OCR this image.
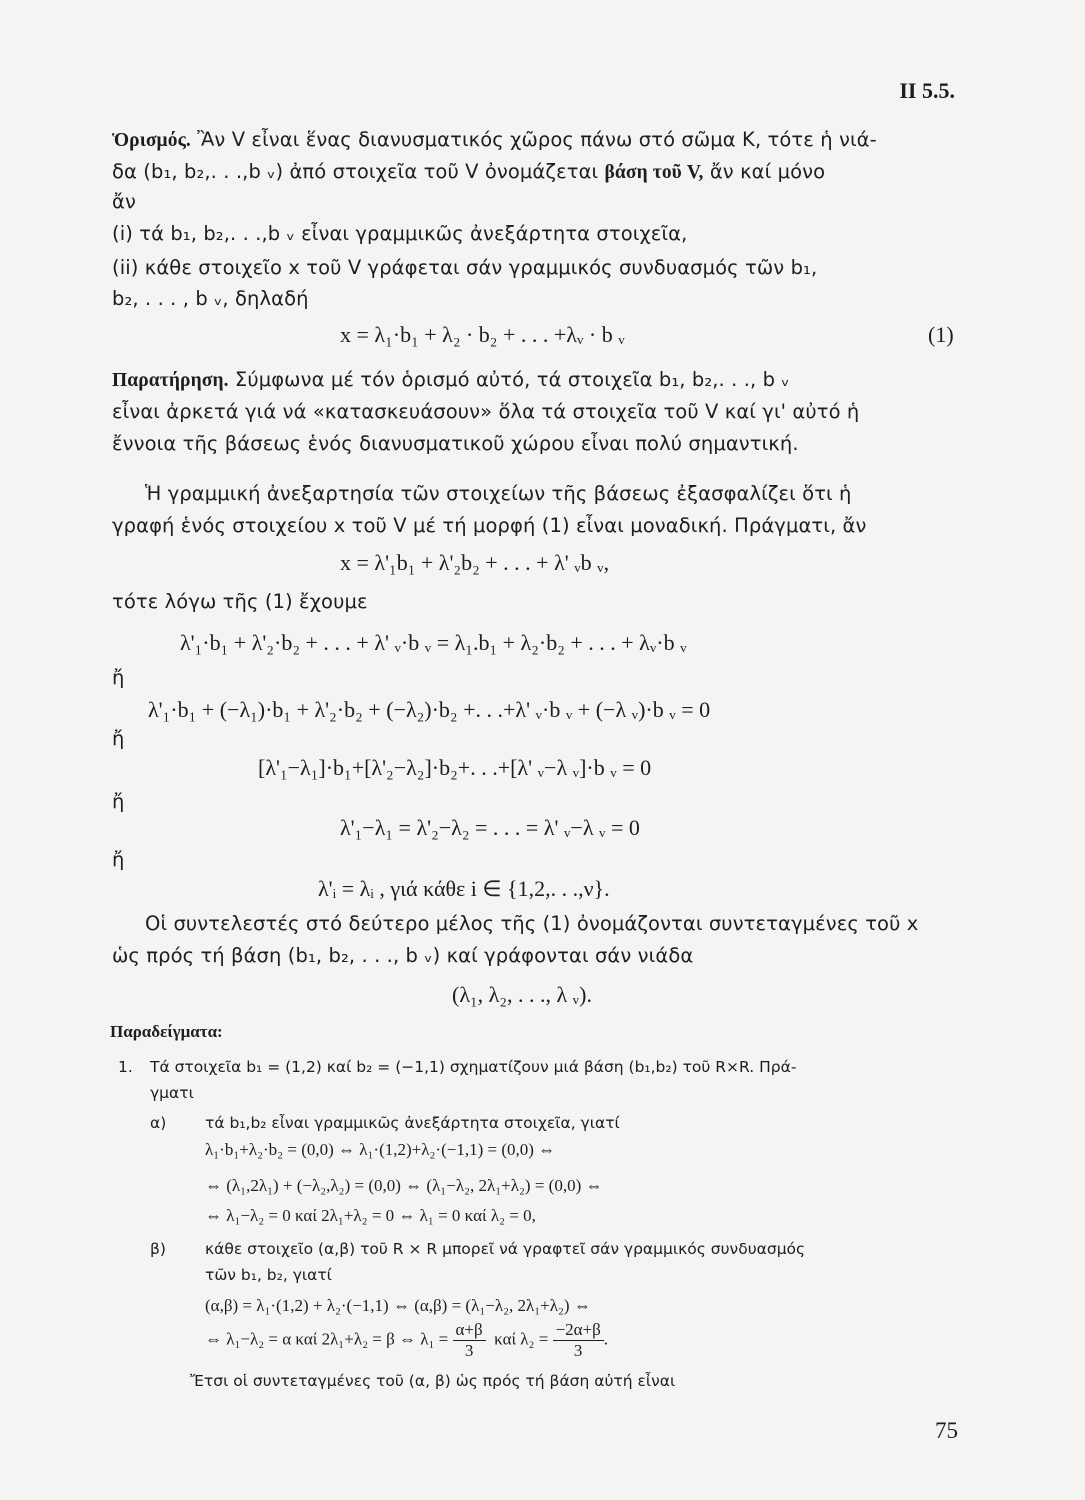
II 5.5.
Ὁρισμός. Ἂν V εἶναι ἕνας διανυσματικός χῶρος πάνω στό σῶμα K, τότε ἡ νιά-
δα (b₁, b₂,. . .,b ᵥ) ἀπό στοιχεῖα τοῦ V ὀνομάζεται βάση τοῦ V, ἄν καί μόνο
ἄν
(i) τά b₁, b₂,. . .,b ᵥ εἶναι γραμμικῶς ἀνεξάρτητα στοιχεῖα,
(ii) κάθε στοιχεῖο x τοῦ V γράφεται σάν γραμμικός συνδυασμός τῶν b₁,
b₂, . . . , b ᵥ, δηλαδή
x = λ₁·b₁ + λ₂ · b₂ + . . . +λᵥ · b ᵥ	(1)
Παρατήρηση. Σύμφωνα μέ τόν ὁρισμό αὐτό, τά στοιχεῖα b₁, b₂,. . ., b ᵥ
εἶναι ἀρκετά γιά νά «κατασκευάσουν» ὅλα τά στοιχεῖα τοῦ V καί γι' αὐτό ἡ
ἔννοια τῆς βάσεως ἑνός διανυσματικοῦ χώρου εἶναι πολύ σημαντική.
Ἡ γραμμική ἀνεξαρτησία τῶν στοιχείων τῆς βάσεως ἐξασφαλίζει ὅτι ἡ
γραφή ἑνός στοιχείου x τοῦ V μέ τή μορφή (1) εἶναι μοναδική. Πράγματι, ἄν
x = λ'₁b₁ + λ'₂b₂ + . . . + λ' ᵥb ᵥ,
τότε λόγω τῆς (1) ἔχουμε
λ'₁·b₁ + λ'₂·b₂ + . . . + λ' ᵥ·b ᵥ = λ₁.b₁ + λ₂·b₂ + . . . + λᵥ·b ᵥ
ἤ
λ'₁·b₁ + (−λ₁)·b₁ + λ'₂·b₂ + (−λ₂)·b₂ +. . .+λ' ᵥ·b ᵥ + (−λ ᵥ)·b ᵥ = 0
ἤ
[λ'₁−λ₁]·b₁+[λ'₂−λ₂]·b₂+. . .+[λ' ᵥ−λ ᵥ]·b ᵥ = 0
ἤ
λ'₁−λ₁ = λ'₂−λ₂ = . . . = λ' ᵥ−λ ᵥ = 0
ἤ
λ'ᵢ = λᵢ , γιά κάθε i ∈ {1,2,. . .,ν}.
Οἱ συντελεστές στό δεύτερο μέλος τῆς (1) ὀνομάζονται συντεταγμένες τοῦ x
ὡς πρός τή βάση (b₁, b₂, . . ., b ᵥ) καί γράφονται σάν νιάδα
(λ₁, λ₂, . . ., λ ᵥ).
Παραδείγματα:
1. Τά στοιχεῖα b₁ = (1,2) καί b₂ = (−1,1) σχηματίζουν μιά βάση (b₁,b₂) τοῦ R×R. Πρά-
γματι
α) τά b₁,b₂ εἶναι γραμμικῶς ἀνεξάρτητα στοιχεῖα, γιατί
λ₁·b₁+λ₂·b₂ = (0,0) ⇔ λ₁·(1,2)+λ₂·(−1,1) = (0,0) ⇔
⇔ (λ₁,2λ₁) + (−λ₂,λ₂) = (0,0) ⇔ (λ₁−λ₂, 2λ₁+λ₂) = (0,0) ⇔
⇔ λ₁−λ₂ = 0 καί 2λ₁+λ₂ = 0 ⇔ λ₁ = 0 καί λ₂ = 0,
β)	κάθε στοιχεῖο (α,β) τοῦ R × R μπορεῖ νά γραφτεῖ σάν γραμμικός συνδυασμός
τῶν b₁, b₂, γιατί
(α,β) = λ₁·(1,2) + λ₂·(−1,1) ⇔ (α,β) = (λ₁−λ₂, 2λ₁+λ₂) ⇔
⇔ λ₁−λ₂ = α καί 2λ₁+λ₂ = β ⇔ $\lambda_1 = \frac{\alpha+\beta}{3}$ καί $\lambda_2 = \frac{-2\alpha+\beta}{3}$ .
Ἔτσι οἱ συντεταγμένες τοῦ (α, β) ὡς πρός τή βάση αὐτή εἶναι
75
